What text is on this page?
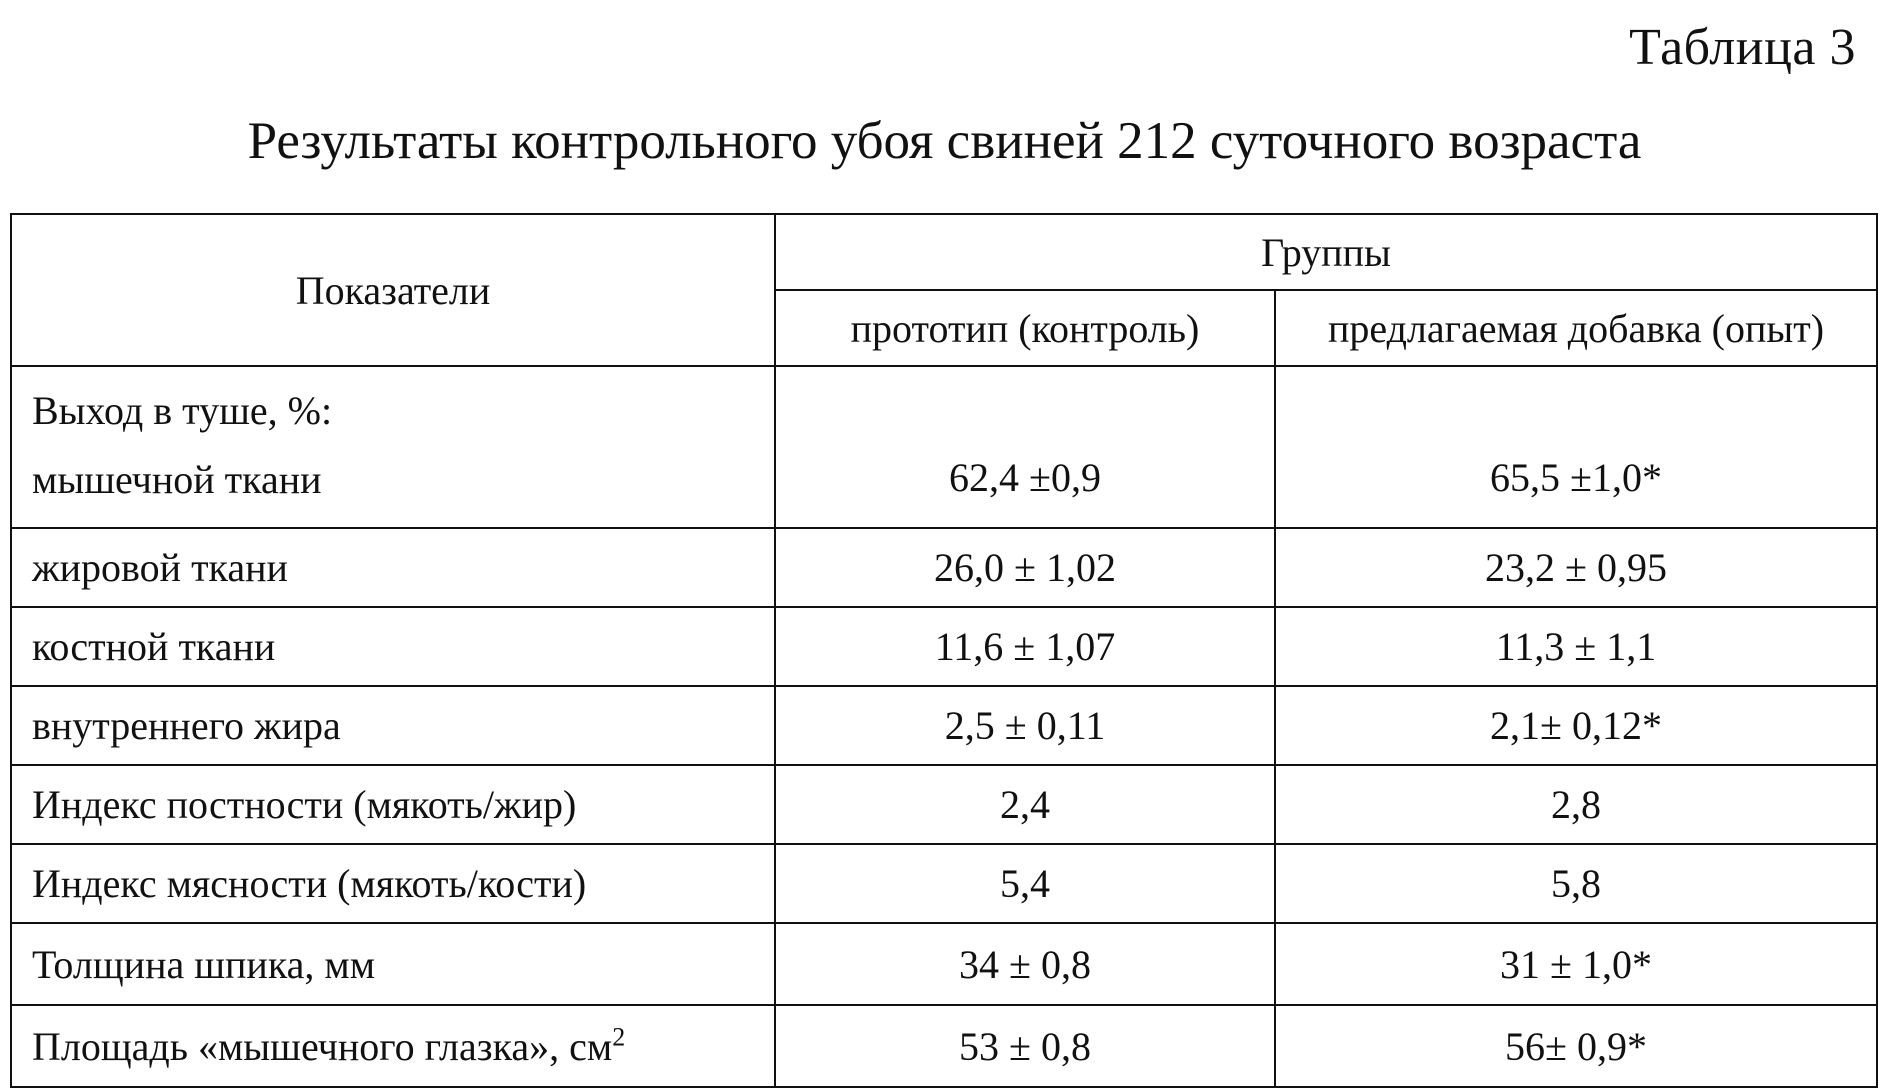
Таблица 3
Результаты контрольного убоя свиней 212 суточного возраста
Показатели	Группы	
	прототип (контроль)	предлагаемая добавка (опыт)

Выход в туше, %:
мышечной ткани	62,4 ±0,9	65,5 ±1,0*

жировой ткани	26,0 ± 1,02	23,2 ± 0,95
костной ткани	11,6 ± 1,07	11,3 ± 1,1
внутреннего жира	2,5 ± 0,11	2,1± 0,12*
Индекс постности (мякоть/жир)	2,4	2,8
Индекс мясности (мякоть/кости)	5,4	5,8
Толщина шпика, мм	34 ± 0,8	31 ± 1,0*
Площадь «мышечного глазка», $см^2$	53 ± 0,8	56± 0,9*
